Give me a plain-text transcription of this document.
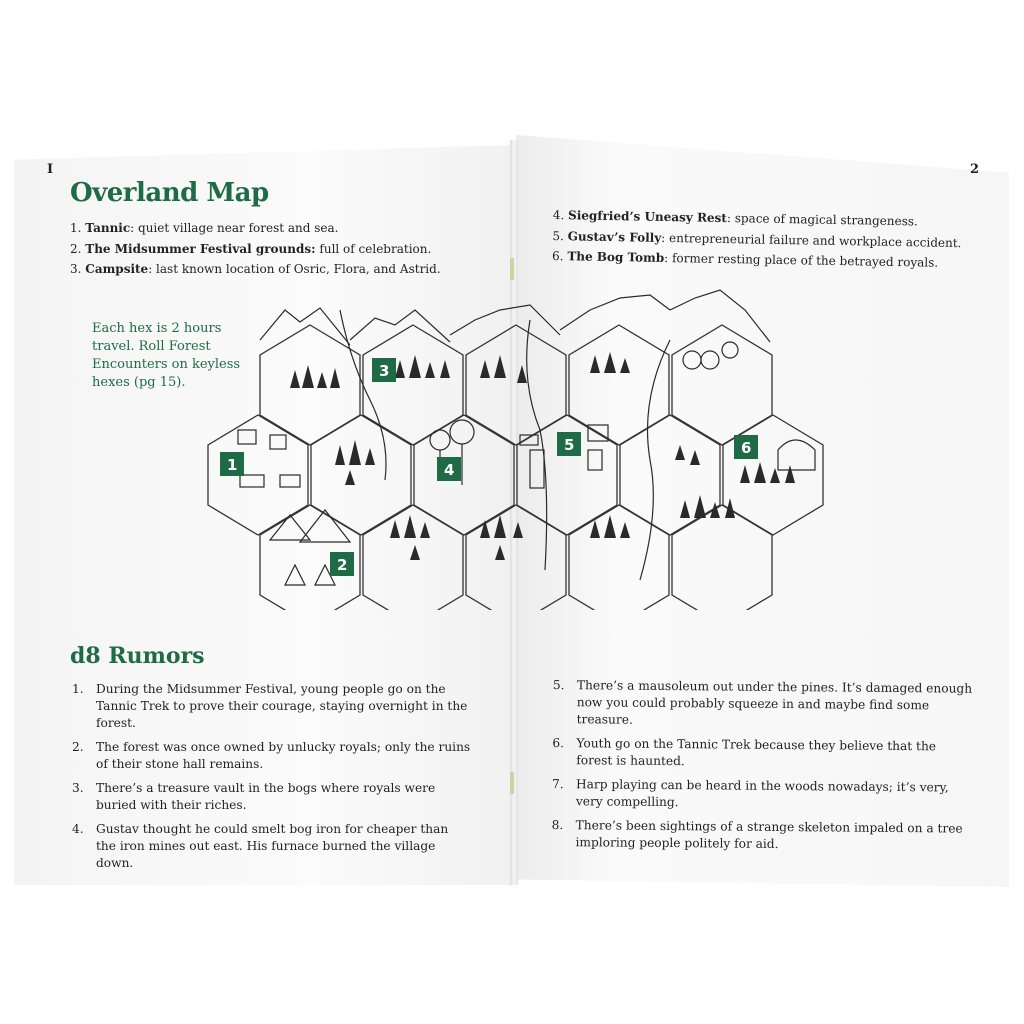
I	2
Overland Map
1. Tannic: quiet village near forest and sea.
2. The Midsummer Festival grounds: full of celebration.
3. Campsite: last known location of Osric, Flora, and Astrid.
4. Siegfried’s Uneasy Rest: space of magical strangeness.
5. Gustav’s Folly: entrepreneurial failure and workplace accident.
6. The Bog Tomb: former resting place of the betrayed royals.
Each hex is 2 hours travel. Roll Forest Encounters on keyless hexes (pg 15).
1
2
3
4
5	6
d8 Rumors
1. During the Midsummer Festival, young people go on the Tannic Trek to prove their courage, staying overnight in the forest.
2. The forest was once owned by unlucky royals; only the ruins of their stone hall remains.
3. There’s a treasure vault in the bogs where royals were buried with their riches.
4. Gustav thought he could smelt bog iron for cheaper than the iron mines out east. His furnace burned the village down.
5. There’s a mausoleum out under the pines. It’s damaged enough now you could probably squeeze in and maybe find some treasure.
6. Youth go on the Tannic Trek because they believe that the forest is haunted.
7. Harp playing can be heard in the woods nowadays; it’s very, very compelling.
8. There’s been sightings of a strange skeleton impaled on a tree imploring people politely for aid.
